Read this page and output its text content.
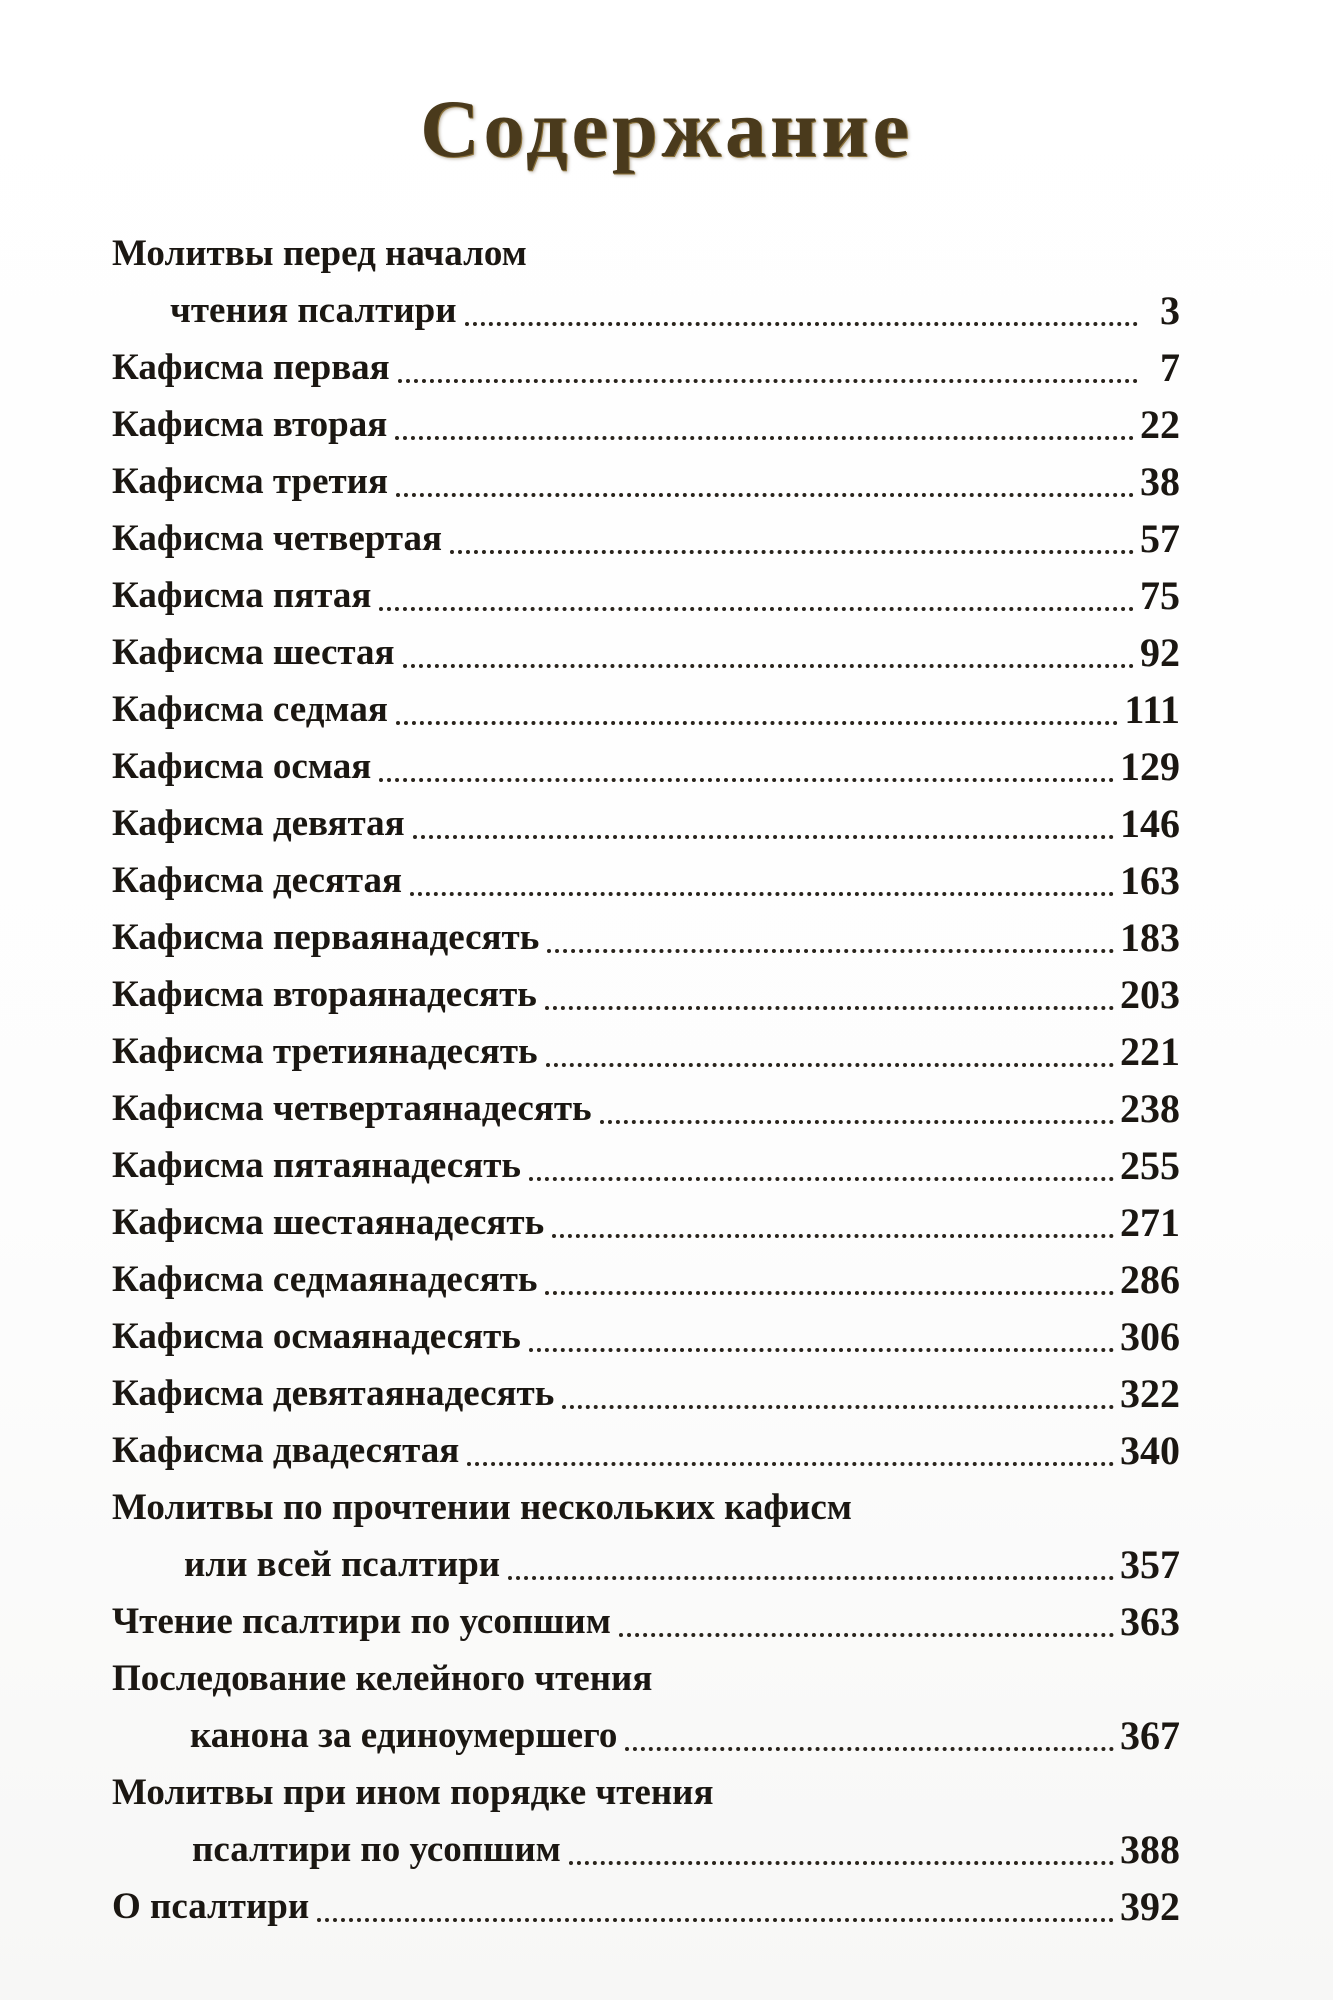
Содержание
Молитвы перед началом
чтения псалтири	3
Кафисма первая	7
Кафисма вторая	22
Кафисма третия	38
Кафисма четвертая	57
Кафисма пятая	75
Кафисма шестая	92
Кафисма седмая	111
Кафисма осмая	129
Кафисма девятая	146
Кафисма десятая	163
Кафисма перваянадесять	183
Кафисма вторaянадесять	203
Кафисма третиянадесять	221
Кафисма четвертаянадесять	238
Кафисма пятаянадесять	255
Кафисма шестаянадесять	271
Кафисма седмаянадесять	286
Кафисма осмаянадесять	306
Кафисма девятаянадесять	322
Кафисма двадесятая	340
Молитвы по прочтении нескольких кафисм
или всей псалтири	357
Чтение псалтири по усопшим	363
Последование келейного чтения
канона за единоумершего	367
Молитвы при ином порядке чтения
псалтири по усопшим	388
О псалтири	392
